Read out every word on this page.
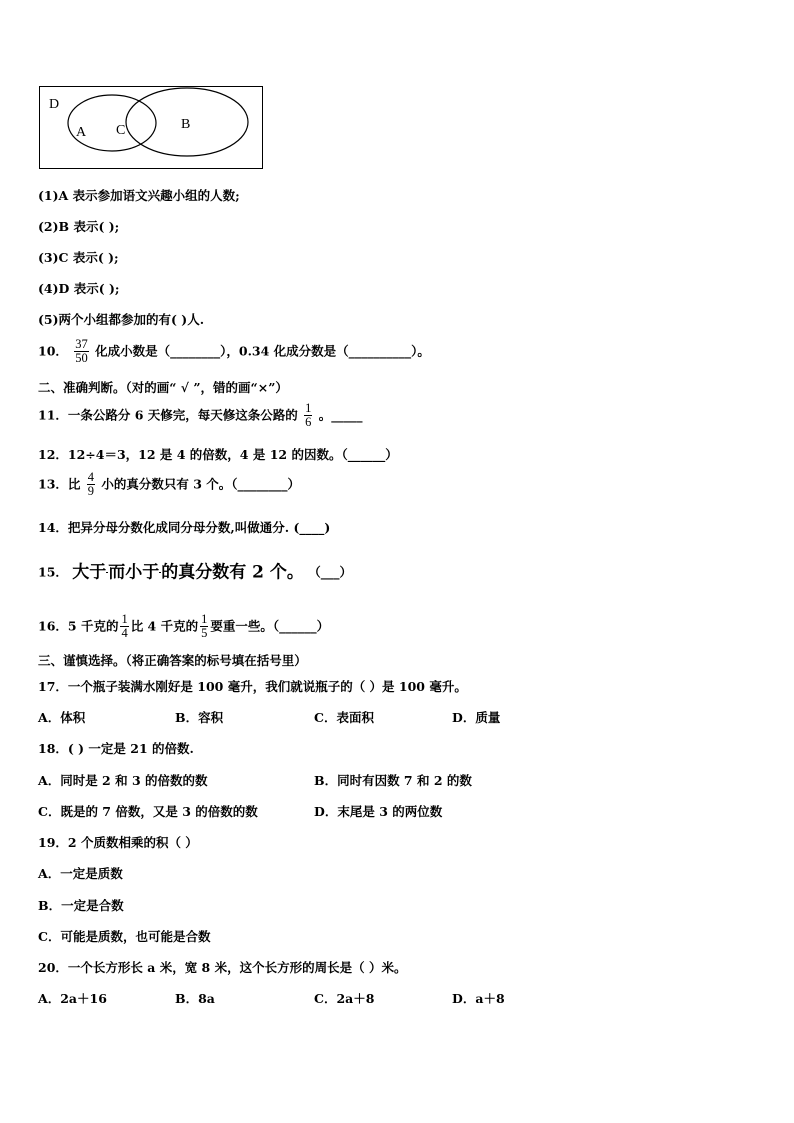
D
A C	B
(1)A 表示参加语文兴趣小组的人数;
(2)B 表示( );
(3)C 表示( );
(4)D 表示( );
(5)两个小组都参加的有( )人.
10． $\frac{37}{50}$ 化成小数是（________），0.34 化成分数是（__________）。
二、准确判断。（对的画“ √ ”，错的画“×”）
11．一条公路分 6 天修完，每天修这条公路的 $\frac{1}{6}$ 。_____
12．12÷4＝3，12 是 4 的倍数，4 是 12 的因数。（______）
13．比 $\frac{4}{9}$ 小的真分数只有 3 个。（________）
14．把异分母分数化成同分母分数,叫做通分. (____)
15． 大于 而小于 的真分数有 2 个。 （___）
16．5 千克的 $\frac{1}{4}$ 比 4 千克的 $\frac{1}{5}$ 要重一些。（______）
三、谨慎选择。（将正确答案的标号填在括号里）
17．一个瓶子装满水刚好是 100 毫升，我们就说瓶子的（ ）是 100 毫升。
A．体积	B．容积	C．表面积	D．质量
18．( ) 一定是 21 的倍数.
A．同时是 2 和 3 的倍数的数	B．同时有因数 7 和 2 的数
C．既是的 7 倍数，又是 3 的倍数的数	D．末尾是 3 的两位数
19．2 个质数相乘的积（ ）
A．一定是质数
B．一定是合数
C．可能是质数，也可能是合数
20．一个长方形长 a 米，宽 8 米，这个长方形的周长是（ ）米。
A．2a＋16	B．8a	C．2a＋8	D．a＋8
